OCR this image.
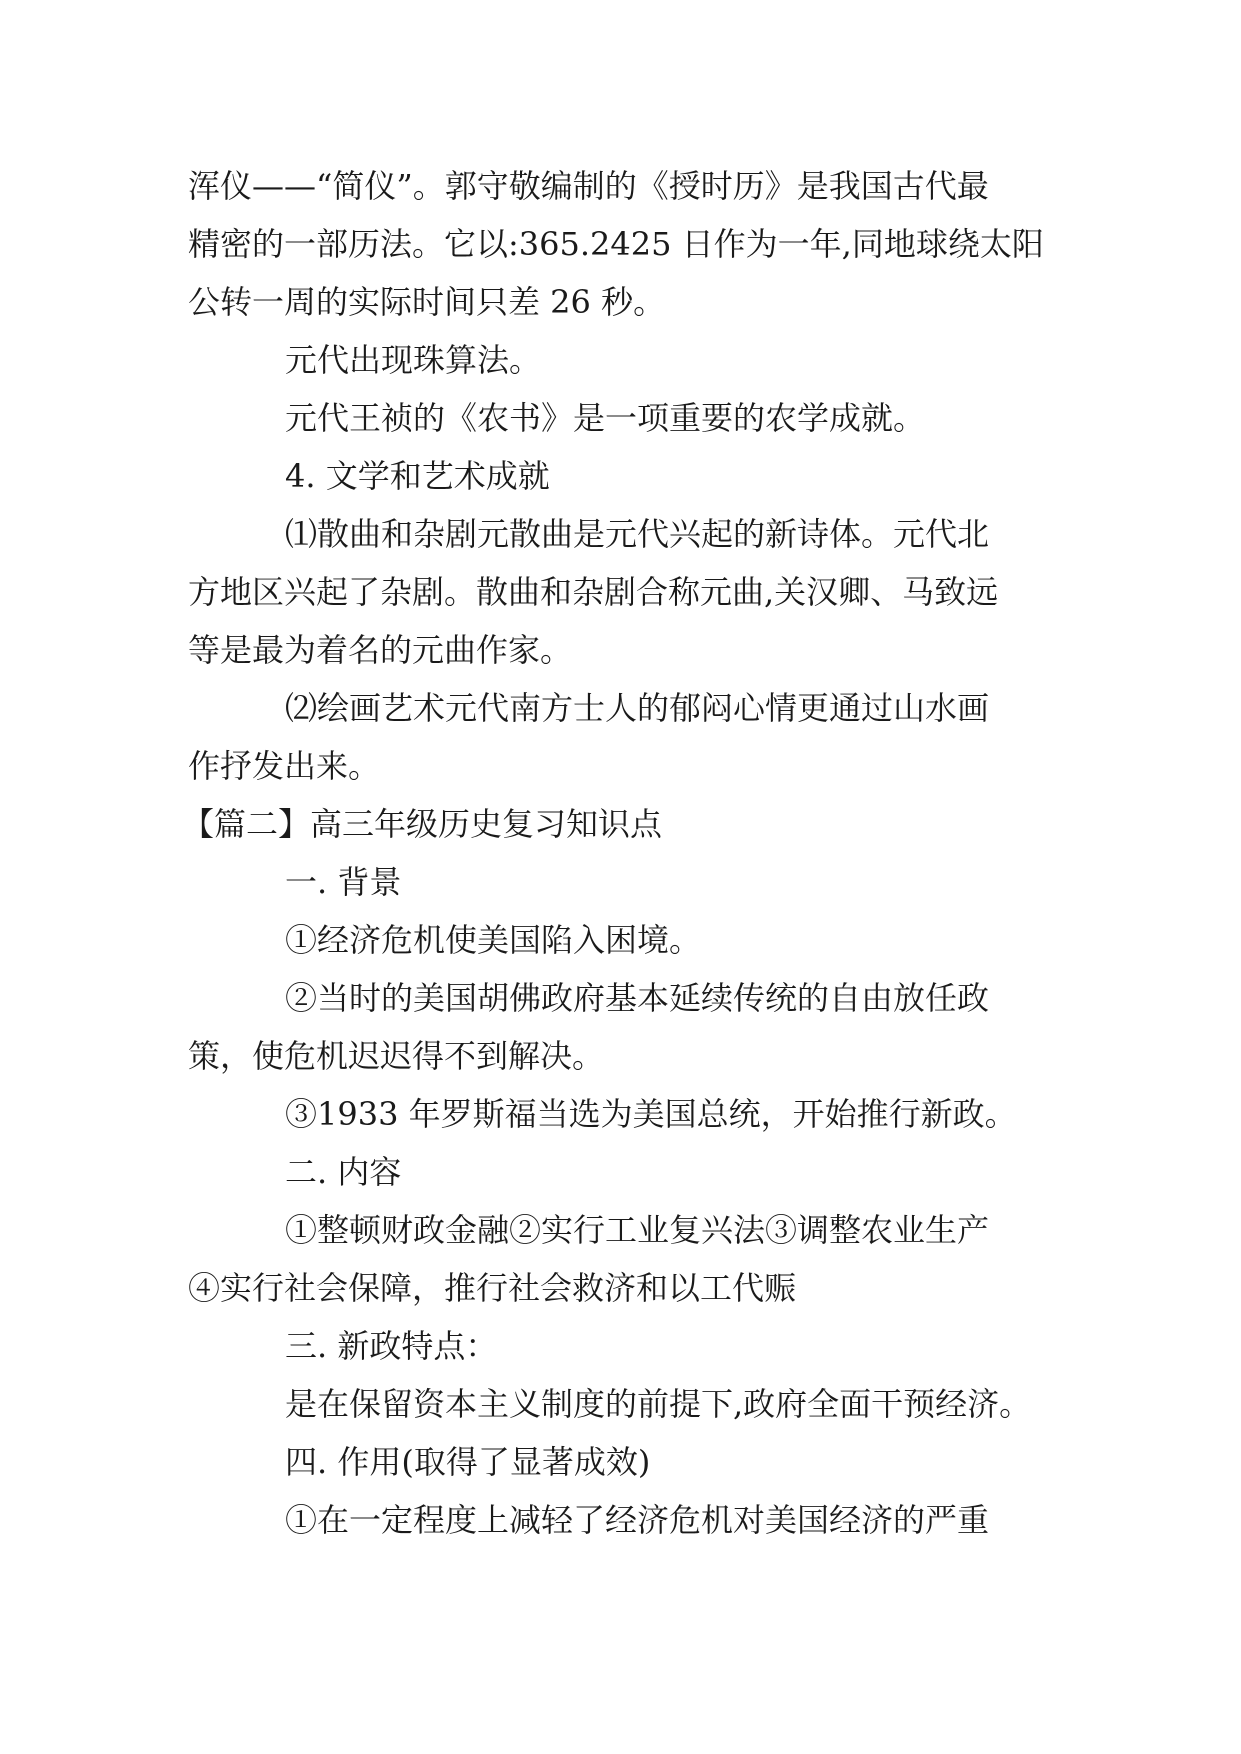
浑仪——“简仪”。郭守敬编制的《授时历》是我国古代最

精密的一部历法。它以:365.2425 日作为一年,同地球绕太阳

公转一周的实际时间只差 26 秒。

元代出现珠算法。

元代王祯的《农书》是一项重要的农学成就。

4. 文学和艺术成就

⑴散曲和杂剧元散曲是元代兴起的新诗体。元代北

方地区兴起了杂剧。散曲和杂剧合称元曲,关汉卿、马致远

等是最为着名的元曲作家。

⑵绘画艺术元代南方士人的郁闷心情更通过山水画

作抒发出来。

【篇二】高三年级历史复习知识点

一. 背景

①经济危机使美国陷入困境。

②当时的美国胡佛政府基本延续传统的自由放任政

策，使危机迟迟得不到解决。

③1933 年罗斯福当选为美国总统，开始推行新政。

二. 内容

①整顿财政金融②实行工业复兴法③调整农业生产

④实行社会保障，推行社会救济和以工代赈

三. 新政特点：

是在保留资本主义制度的前提下,政府全面干预经济。

四. 作用(取得了显著成效)

①在一定程度上减轻了经济危机对美国经济的严重
